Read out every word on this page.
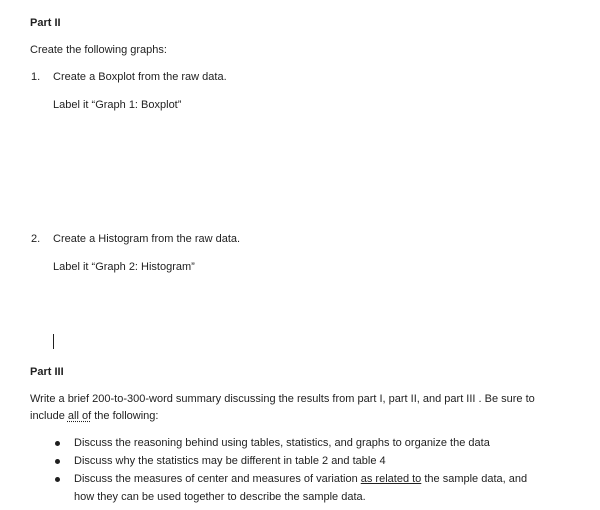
Part II
Create the following graphs:
1.	Create a Boxplot from the raw data.
Label it “Graph 1: Boxplot”
2.	Create a Histogram from the raw data.
Label it “Graph 2: Histogram”
Part III
Write a brief 200-to-300-word summary discussing the results from part I, part II, and part III . Be sure to
include all of the following:
Discuss the reasoning behind using tables, statistics, and graphs to organize the data
Discuss why the statistics may be different in table 2 and table 4
Discuss the measures of center and measures of variation as related to the sample data, and
how they can be used together to describe the sample data.
